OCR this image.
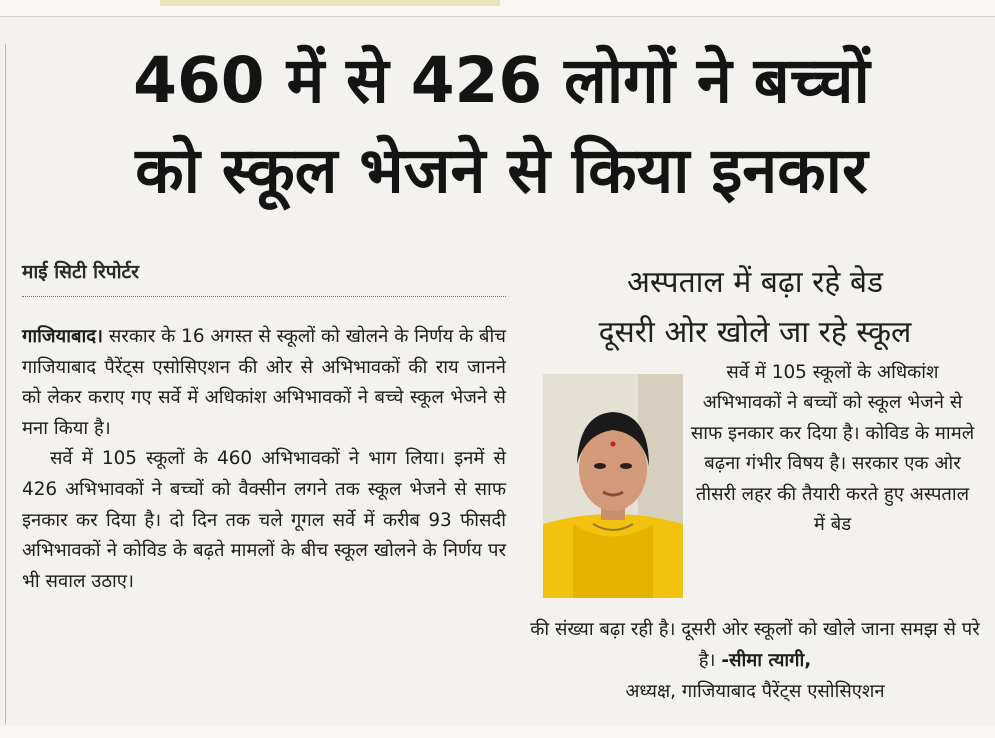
460 में से 426 लोगों ने बच्चों
को स्कूल भेजने से किया इनकार
माई सिटी रिपोर्टर

गाजियाबाद। सरकार के 16 अगस्त से स्कूलों को खोलने के निर्णय के बीच गाजियाबाद पैरेंट्स एसोसिएशन की ओर से अभिभावकों की राय जानने को लेकर कराए गए सर्वे में अधिकांश अभिभावकों ने बच्चे स्कूल भेजने से मना किया है।

सर्वे में 105 स्कूलों के 460 अभिभावकों ने भाग लिया। इनमें से 426 अभिभावकों ने बच्चों को वैक्सीन लगने तक स्कूल भेजने से साफ इनकार कर दिया है। दो दिन तक चले गूगल सर्वे में करीब 93 फीसदी अभिभावकों ने कोविड के बढ़ते मामलों के बीच स्कूल खोलने के निर्णय पर भी सवाल उठाए।

अस्पताल में बढ़ा रहे बेड
दूसरी ओर खोले जा रहे स्कूल
सर्वे में 105 स्कूलों के अधिकांश अभिभावकों ने बच्चों को स्कूल भेजने से साफ इनकार कर दिया है। कोविड के मामले बढ़ना गंभीर विषय है। सरकार एक ओर तीसरी लहर की तैयारी करते हुए अस्पताल में बेड
की संख्या बढ़ा रही है। दूसरी ओर स्कूलों को खोले जाना समझ से परे है। -सीमा त्यागी,
अध्यक्ष, गाजियाबाद पैरेंट्स एसोसिएशन
